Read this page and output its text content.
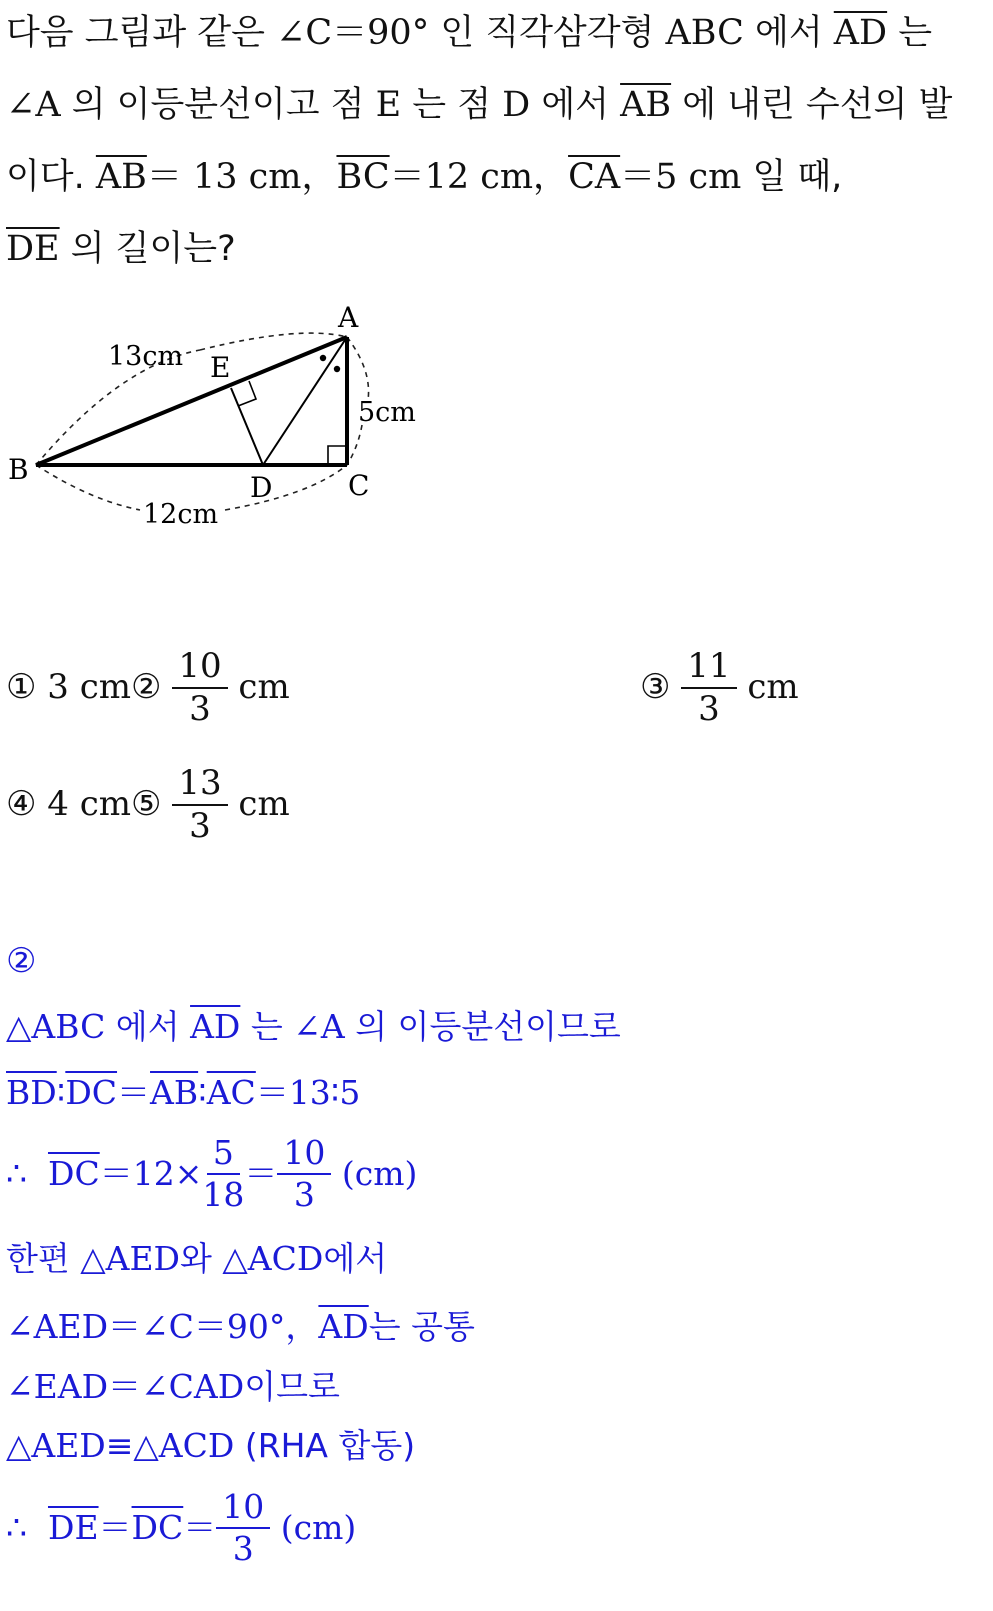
다음 그림과 같은 ∠C＝90° 인 직각삼각형 ABC 에서 $\overline{AD}$ 는
∠A 의 이등분선이고 점 E 는 점 D 에서 $\overline{AB}$ 에 내린 수선의 발
이다. $\overline{AB}= 13$ cm，$\overline{BC}=12$ cm，$\overline{CA}=5$ cm 일 때,
$\overline{DE}$ 의 길이는?
A
B	C
D
E
13cm
12cm
5cm
① 3 cm② $\frac{10}{3}$ cm	③ $\frac{11}{3}$ cm
④ 4 cm⑤ $\frac{13}{3}$ cm
②
△ABC 에서 $\overline{AD}$ 는 ∠A 의 이등분선이므로
$\overline{BD}∶\overline{DC}=\overline{AB}∶\overline{AC}=13∶5$
∴
$\overline{DC} =12\times \frac{5}{18} = \frac{10}{3}$
(cm)
한편 △AED와 △ACD에서
∠AED＝∠C＝90°，$\overline{AD}$는 공통
∠EAD＝∠CAD이므로
△AED≡△ACD (RHA 합동)
∴
$\overline{DE} = \overline{DC} = \frac{10}{3}$
(cm)
